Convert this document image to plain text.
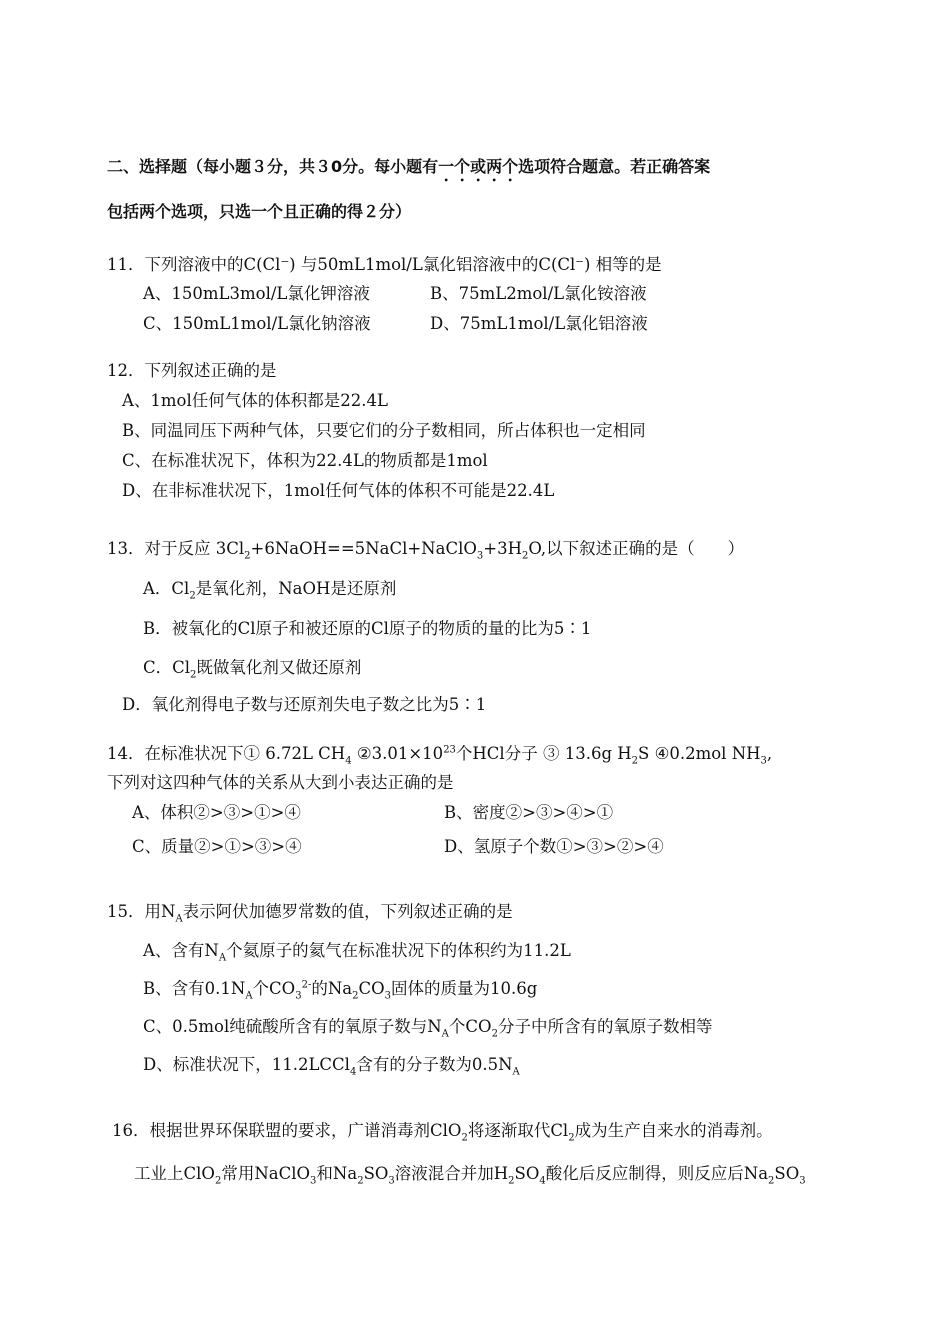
二、选择题（每小题３分，共３0分。每小题有一个或两个选项符合题意。若正确答案
包括两个选项，只选一个且正确的得２分）
11．下列溶液中的C(Cl⁻) 与50mL1mol/L氯化铝溶液中的C(Cl⁻) 相等的是
A、150mL3mol/L氯化钾溶液	B、75mL2mol/L氯化铵溶液
C、150mL1mol/L氯化钠溶液	D、75mL1mol/L氯化铝溶液
12．下列叙述正确的是
A、1mol任何气体的体积都是22.4L
B、同温同压下两种气体，只要它们的分子数相同，所占体积也一定相同
C、在标准状况下，体积为22.4L的物质都是1mol
D、在非标准状况下，1mol任何气体的体积不可能是22.4L
13．对于反应 $3Cl_2+6NaOH==5NaCl+NaClO_3+3H_2O$,以下叙述正确的是（　　）
A．$Cl_2$是氧化剂，NaOH是还原剂
B．被氧化的Cl原子和被还原的Cl原子的物质的量的比为5∶1
C．$Cl_2$既做氧化剂又做还原剂
D．氧化剂得电子数与还原剂失电子数之比为5∶1
14．在标准状况下① 6.72L $CH_4$ $②3.01\times 10^{23}$个HCl分子 ③ 13.6g $H_2S$ ④0.2mol $NH_3$,
下列对这四种气体的关系从大到小表达正确的是
A、体积②>③>①>④	B、密度②>③>④>①
C、质量②>①>③>④	D、氢原子个数①>③>②>④
15．用$N_A$表示阿伏加德罗常数的值，下列叙述正确的是
A、含有$N_A$个氦原子的氦气在标准状况下的体积约为11.2L
B、含有$0.1N_A$个$CO_3^{2-}$的$Na_2CO_3$固体的质量为10.6g
C、0.5mol纯硫酸所含有的氧原子数与$N_A$个$CO_2$分子中所含有的氧原子数相等
D、标准状况下，11.2LCCl$_4$含有的分子数为$0.5N_A$
16．根据世界环保联盟的要求，广谱消毒剂ClO$_2$将逐渐取代$Cl_2$成为生产自来水的消毒剂。
工业上ClO$_2$常用NaClO$_3$和$Na_2SO_3$溶液混合并加$H_2SO_4$酸化后反应制得，则反应后$Na_2SO_3$
